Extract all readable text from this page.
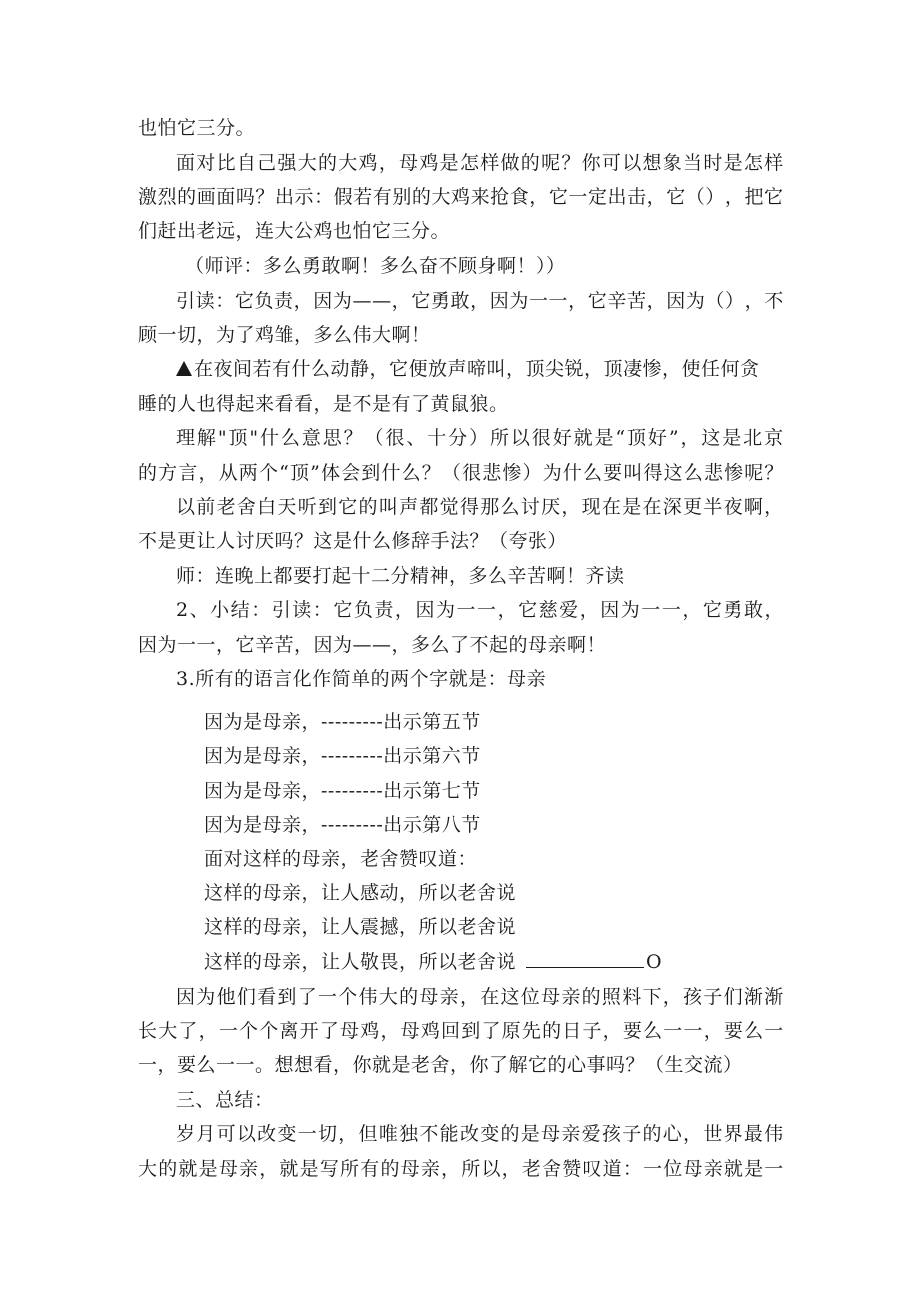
也怕它三分。
面 对 比 自 己 强 大 的 大 鸡 ， 母 鸡 是 怎 样 做 的 呢 ？ 你 可 以 想 象 当 时 是 怎 样
激 烈 的 画 面 吗 ？ 出 示 ： 假 若 有 别 的 大 鸡 来 抢 食 ， 它 一 定 出 击 ， 它 （ ） ， 把 它
们赶出老远，连大公鸡也怕它三分。
（师评：多么勇敢啊！多么奋不顾身啊！））
引 读 ： 它 负 责 ， 因 为 — — ， 它 勇 敢 ， 因 为 一 一 ， 它 辛 苦 ， 因 为 （ ） ， 不
顾一切，为了鸡雏，多么伟大啊！
在夜间若有什么动静，它便放声啼叫，顶尖锐，顶凄惨，使任何贪
睡的人也得起来看看，是不是有了黄鼠狼。
理 解 " 顶 " 什 么 意 思 ？ （ 很 、 十 分 ） 所 以 很 好 就 是 “ 顶 好 ” ， 这 是 北 京
的 方 言 ， 从 两 个 “ 顶 ” 体 会 到 什 么 ？ （ 很 悲 惨 ） 为 什 么 要 叫 得 这 么 悲 惨 呢 ？
以 前 老 舍 白 天 听 到 它 的 叫 声 都 觉 得 那 么 讨 厌 ， 现 在 是 在 深 更 半 夜 啊 ，
不是更让人讨厌吗？这是什么修辞手法？（夸张）
师：连晚上都要打起十二分精神，多么辛苦啊！齐读
2 、 小 结 ： 引 读 ： 它 负 责 ， 因 为 一 一 ， 它 慈 爱 ， 因 为 一 一 ， 它 勇 敢 ，
因为一一，它辛苦，因为——，多么了不起的母亲啊！
3.所有的语言化作简单的两个字就是：母亲
因为是母亲，---------出示第五节
因为是母亲，---------出示第六节
因为是母亲，---------出示第七节
因为是母亲，---------出示第八节
面对这样的母亲，老舍赞叹道：
这样的母亲，让人感动，所以老舍说
这样的母亲，让人震撼，所以老舍说
这样的母亲，让人敬畏，所以老舍说	O
因 为 他 们 看 到 了 一 个 伟 大 的 母 亲 ， 在 这 位 母 亲 的 照 料 下 ， 孩 子 们 渐 渐
长 大 了 ， 一 个 个 离 开 了 母 鸡 ， 母 鸡 回 到 了 原 先 的 日 子 ， 要 么 一 一 ， 要 么 一
一，要么一一。想想看，你就是老舍，你了解它的心事吗？（生交流）
三、总结：
岁 月 可 以 改 变 一 切 ， 但 唯 独 不 能 改 变 的 是 母 亲 爱 孩 子 的 心 ， 世 界 最 伟
大 的 就 是 母 亲 ， 就 是 写 所 有 的 母 亲 ， 所 以 ， 老 舍 赞 叹 道 ： 一 位 母 亲 就 是 一
